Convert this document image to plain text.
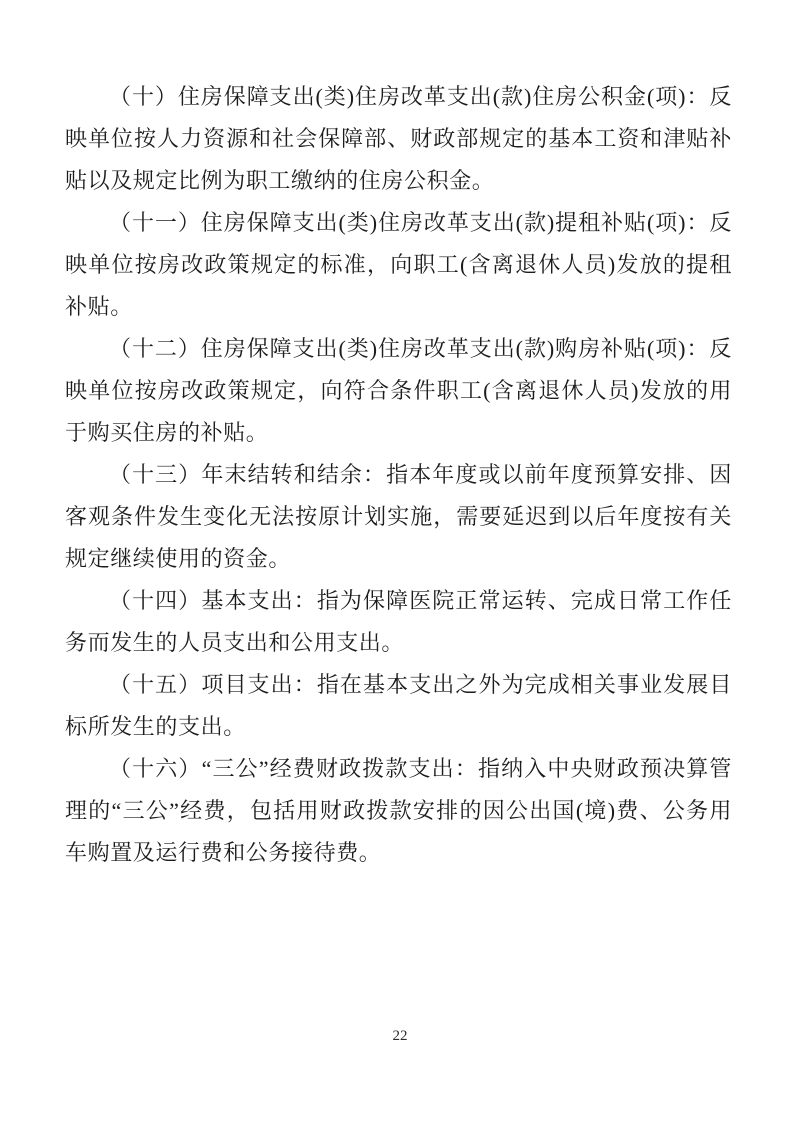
（十）住房保障支出(类)住房改革支出(款)住房公积金(项)：反映单位按人力资源和社会保障部、财政部规定的基本工资和津贴补贴以及规定比例为职工缴纳的住房公积金。

（十一）住房保障支出(类)住房改革支出(款)提租补贴(项)：反映单位按房改政策规定的标准，向职工(含离退休人员)发放的提租补贴。

（十二）住房保障支出(类)住房改革支出(款)购房补贴(项)：反映单位按房改政策规定，向符合条件职工(含离退休人员)发放的用于购买住房的补贴。

（十三）年末结转和结余：指本年度或以前年度预算安排、因客观条件发生变化无法按原计划实施，需要延迟到以后年度按有关规定继续使用的资金。

（十四）基本支出：指为保障医院正常运转、完成日常工作任务而发生的人员支出和公用支出。

（十五）项目支出：指在基本支出之外为完成相关事业发展目标所发生的支出。

（十六）“三公”经费财政拨款支出：指纳入中央财政预决算管理的“三公”经费，包括用财政拨款安排的因公出国(境)费、公务用车购置及运行费和公务接待费。

22
